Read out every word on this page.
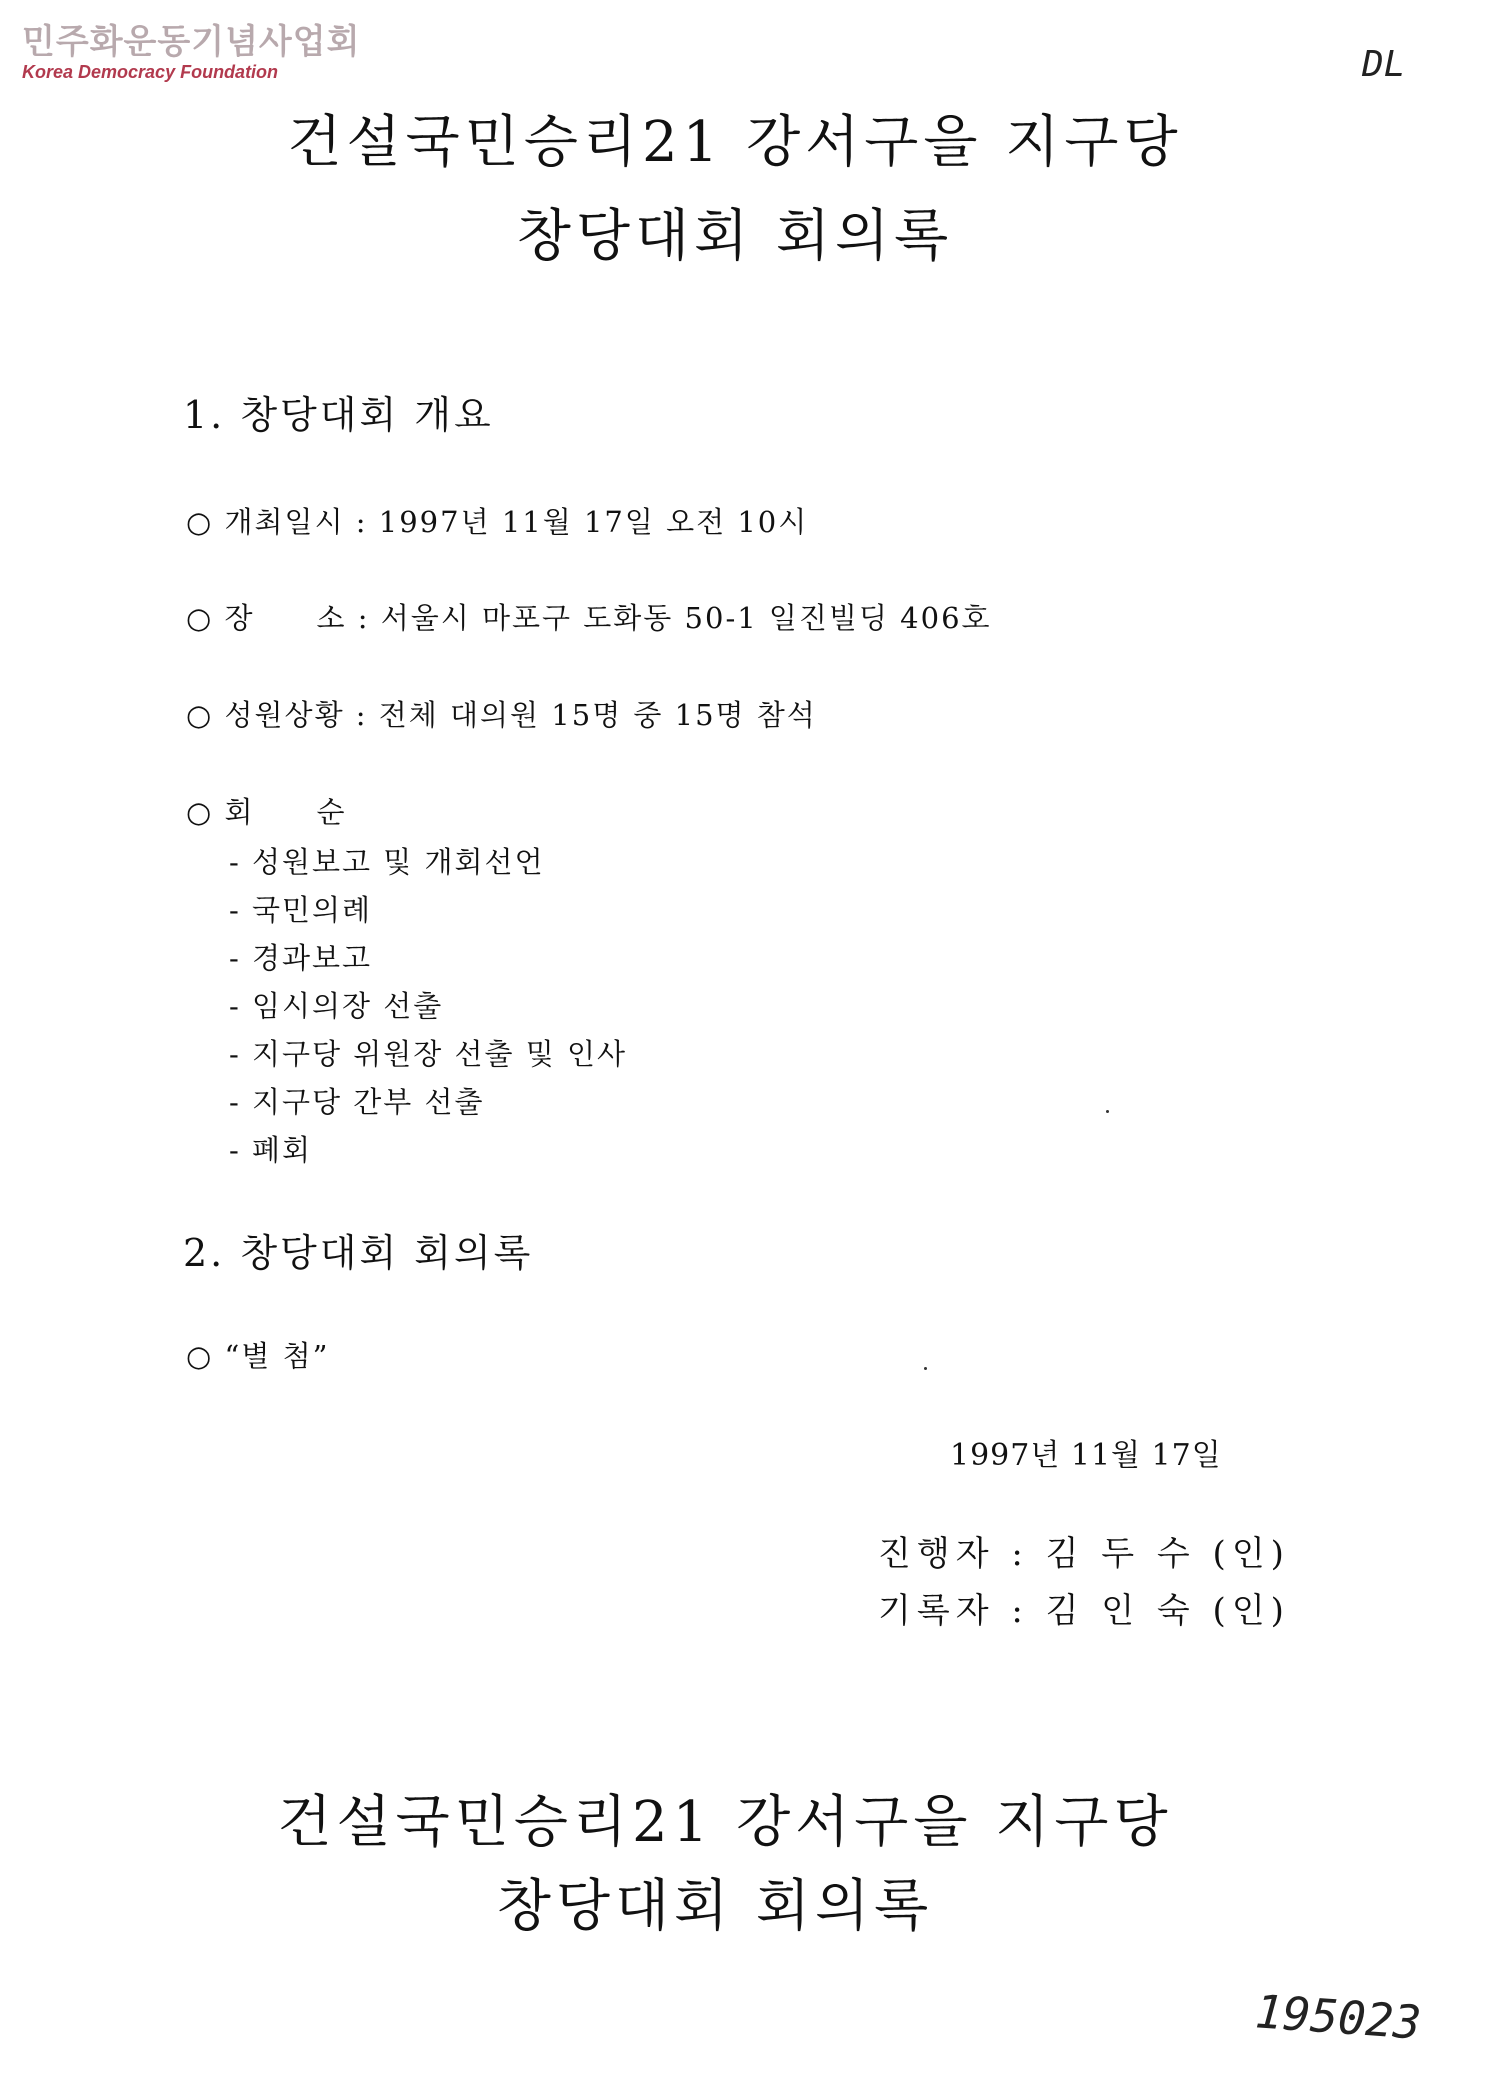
민주화운동기념사업회
Korea Democracy Foundation	DL
건설국민승리21 강서구을 지구당
창당대회 회의록
1. 창당대회 개요
○ 개최일시 : 1997년 11월 17일 오전 10시
○ 장　　소 : 서울시 마포구 도화동 50-1 일진빌딩 406호
○ 성원상황 : 전체 대의원 15명 중 15명 참석
○ 회　　순
- 성원보고 및 개회선언
- 국민의례
- 경과보고
- 임시의장 선출
- 지구당 위원장 선출 및 인사
- 지구당 간부 선출
- 폐회
2. 창당대회 회의록
○ “별 첨”
1997년 11월 17일
진행자 : 김 두 수 (인)
기록자 : 김 인 숙 (인)
건설국민승리21 강서구을 지구당
창당대회 회의록
195023
